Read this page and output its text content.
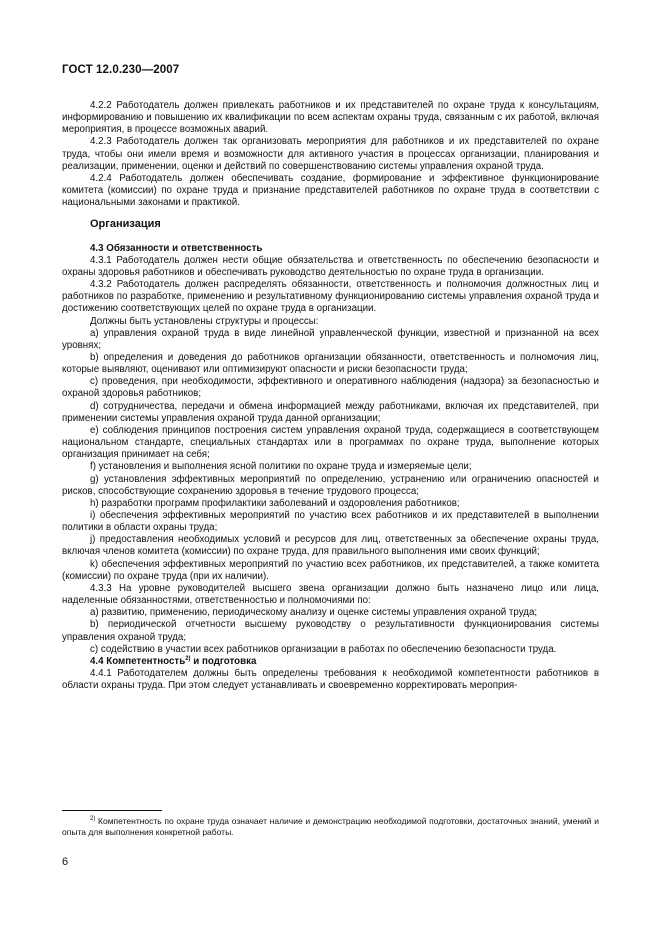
ГОСТ 12.0.230—2007

4.2.2 Работодатель должен привлекать работников и их представителей по охране труда к консультациям, информированию и повышению их квалификации по всем аспектам охраны труда, связанным с их работой, включая мероприятия, в процессе возможных аварий.

4.2.3 Работодатель должен так организовать мероприятия для работников и их представителей по охране труда, чтобы они имели время и возможности для активного участия в процессах организации, планирования и реализации, применении, оценки и действий по совершенствованию системы управления охраной труда.

4.2.4 Работодатель должен обеспечивать создание, формирование и эффективное функционирование комитета (комиссии) по охране труда и признание представителей работников по охране труда в соответствии с национальными законами и практикой.

Организация

4.3 Обязанности и ответственность

4.3.1 Работодатель должен нести общие обязательства и ответственность по обеспечению безопасности и охраны здоровья работников и обеспечивать руководство деятельностью по охране труда в организации.

4.3.2 Работодатель должен распределять обязанности, ответственность и полномочия должностных лиц и работников по разработке, применению и результативному функционированию системы управления охраной труда и достижению соответствующих целей по охране труда в организации.

Должны быть установлены структуры и процессы:

a) управления охраной труда в виде линейной управленческой функции, известной и признанной на всех уровнях;

b) определения и доведения до работников организации обязанности, ответственность и полномочия лиц, которые выявляют, оценивают или оптимизируют опасности и риски безопасности труда;

c) проведения, при необходимости, эффективного и оперативного наблюдения (надзора) за безопасностью и охраной здоровья работников;

d) сотрудничества, передачи и обмена информацией между работниками, включая их представителей, при применении системы управления охраной труда данной организации;

e) соблюдения принципов построения систем управления охраной труда, содержащиеся в соответствующем национальном стандарте, специальных стандартах или в программах по охране труда, выполнение которых организация принимает на себя;

f) установления и выполнения ясной политики по охране труда и измеряемые цели;

g) установления эффективных мероприятий по определению, устранению или ограничению опасностей и рисков, способствующие сохранению здоровья в течение трудового процесса;

h) разработки программ профилактики заболеваний и оздоровления работников;

i) обеспечения эффективных мероприятий по участию всех работников и их представителей в выполнении политики в области охраны труда;

j) предоставления необходимых условий и ресурсов для лиц, ответственных за обеспечение охраны труда, включая членов комитета (комиссии) по охране труда, для правильного выполнения ими своих функций;

k) обеспечения эффективных мероприятий по участию всех работников, их представителей, а также комитета (комиссии) по охране труда (при их наличии).

4.3.3 На уровне руководителей высшего звена организации должно быть назначено лицо или лица, наделенные обязанностями, ответственностью и полномочиями по:

a) развитию, применению, периодическому анализу и оценке системы управления охраной труда;

b) периодической отчетности высшему руководству о результативности функционирования системы управления охраной труда;

c) содействию в участии всех работников организации в работах по обеспечению безопасности труда.

4.4 Компетентность$^{2)}$ и подготовка

4.4.1 Работодателем должны быть определены требования к необходимой компетентности работников в области охраны труда. При этом следует устанавливать и своевременно корректировать мероприя-

$^{2)}$ Компетентность по охране труда означает наличие и демонстрацию необходимой подготовки, достаточных знаний, умений и опыта для выполнения конкретной работы.

6
